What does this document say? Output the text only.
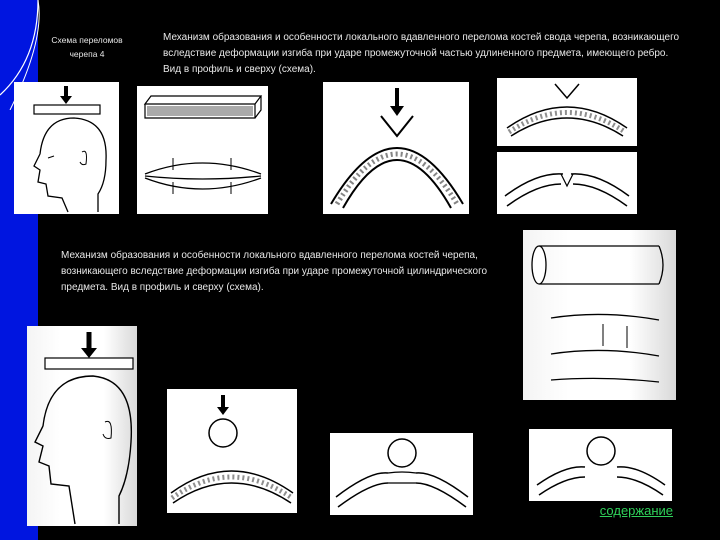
Схема переломов
черепа 4
Механизм образования и особенности локального вдавленного перелома костей свода черепа, возникающего вследствие деформации изгиба при ударе промежуточной частью удлиненного предмета, имеющего ребро. Вид в профиль и сверху (схема).
Механизм образования и особенности локального вдавленного перелома костей черепа, возникающего вследствие деформации изгиба при ударе промежуточной цилиндрического предмета. Вид в профиль и сверху (схема).
содержание
